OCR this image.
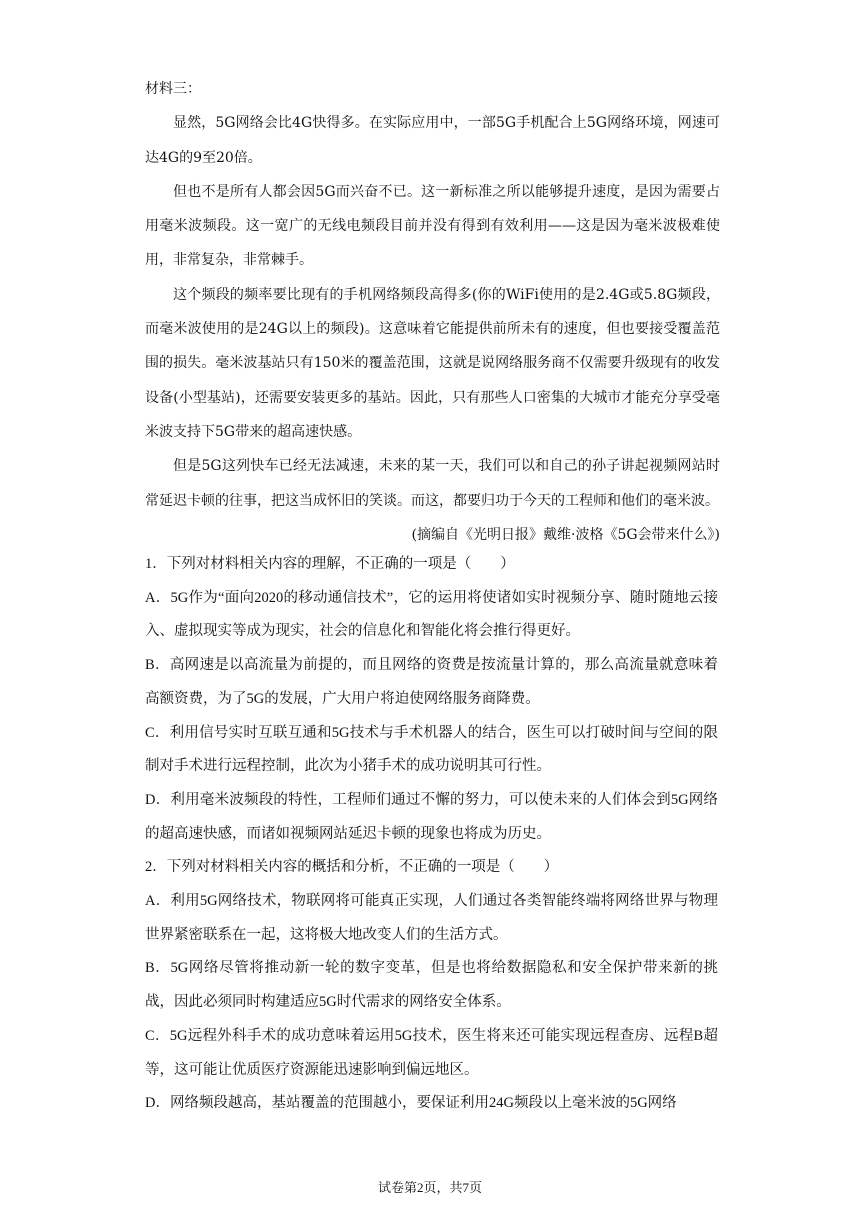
材料三：

显然，5G网络会比4G快得多。在实际应用中，一部5G手机配合上5G网络环境，网速可达4G的9至20倍。

但也不是所有人都会因5G而兴奋不已。这一新标准之所以能够提升速度，是因为需要占用毫米波频段。这一宽广的无线电频段目前并没有得到有效利用——这是因为毫米波极难使用，非常复杂，非常棘手。

这个频段的频率要比现有的手机网络频段高得多(你的WiFi使用的是2.4G或5.8G频段，而毫米波使用的是24G以上的频段)。这意味着它能提供前所未有的速度，但也要接受覆盖范围的损失。毫米波基站只有150米的覆盖范围，这就是说网络服务商不仅需要升级现有的收发设备(小型基站)，还需要安装更多的基站。因此，只有那些人口密集的大城市才能充分享受毫米波支持下5G带来的超高速快感。

但是5G这列快车已经无法减速，未来的某一天，我们可以和自己的孙子讲起视频网站时常延迟卡顿的往事，把这当成怀旧的笑谈。而这，都要归功于今天的工程师和他们的毫米波。

(摘编自《光明日报》戴维·波格《5G会带来什么》)

1．下列对材料相关内容的理解，不正确的一项是（　　）

A．5G作为“面向2020的移动通信技术”，它的运用将使诸如实时视频分享、随时随地云接入、虚拟现实等成为现实，社会的信息化和智能化将会推行得更好。

B．高网速是以高流量为前提的，而且网络的资费是按流量计算的，那么高流量就意味着高额资费，为了5G的发展，广大用户将迫使网络服务商降费。

C．利用信号实时互联互通和5G技术与手术机器人的结合，医生可以打破时间与空间的限制对手术进行远程控制，此次为小猪手术的成功说明其可行性。

D．利用毫米波频段的特性，工程师们通过不懈的努力，可以使未来的人们体会到5G网络的超高速快感，而诸如视频网站延迟卡顿的现象也将成为历史。

2．下列对材料相关内容的概括和分析，不正确的一项是（　　）

A．利用5G网络技术，物联网将可能真正实现，人们通过各类智能终端将网络世界与物理世界紧密联系在一起，这将极大地改变人们的生活方式。

B．5G网络尽管将推动新一轮的数字变革，但是也将给数据隐私和安全保护带来新的挑战，因此必须同时构建适应5G时代需求的网络安全体系。

C．5G远程外科手术的成功意味着运用5G技术，医生将来还可能实现远程查房、远程B超等，这可能让优质医疗资源能迅速影响到偏远地区。

D．网络频段越高，基站覆盖的范围越小，要保证利用24G频段以上毫米波的5G网络

试卷第2页，共7页
